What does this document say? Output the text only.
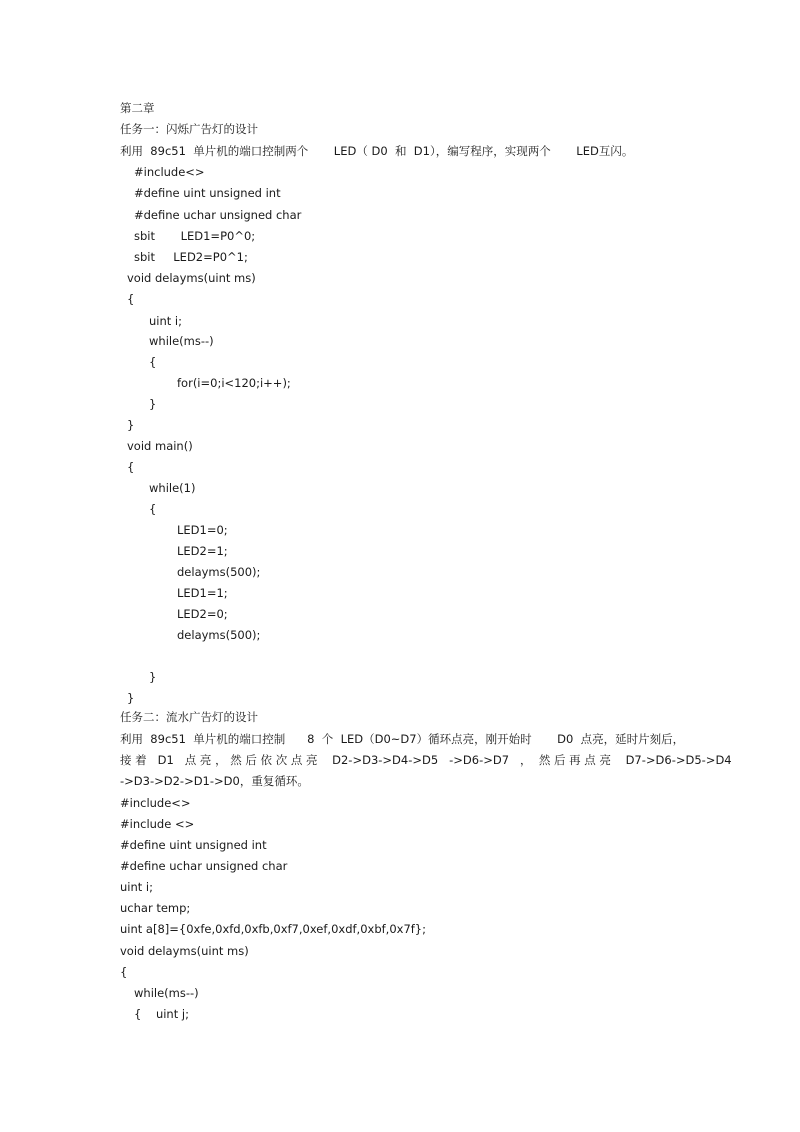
第二章
任务一：闪烁广告灯的设计
利用  89c51  单片机的端口控制两个       LED（ D0  和  D1），编写程序，实现两个       LED互闪。
#include<>
#define uint unsigned int
#define uchar unsigned char
sbit       LED1=P0^0;
sbit     LED2=P0^1;
void delayms(uint ms)
{
uint i;
while(ms--)
{
for(i=0;i<120;i++);
}
}
void main()
{
while(1)
{
LED1=0;
LED2=1;
delayms(500);
LED1=1;
LED2=0;
delayms(500);
}
}
任务二：流水广告灯的设计
利用  89c51  单片机的端口控制      8  个  LED（D0~D7）循环点亮，刚开始时       D0  点亮，延时片刻后，
接 着   D1   点 亮 ， 然 后 依 次 点 亮    D2->D3->D4->D5   ->D6->D7   ，  然 后 再 点 亮    D7->D6->D5->D4
->D3->D2->D1->D0，重复循环。
#include<>
#include <>
#define uint unsigned int
#define uchar unsigned char
uint i;
uchar temp;
uint a[8]={0xfe,0xfd,0xfb,0xf7,0xef,0xdf,0xbf,0x7f};
void delayms(uint ms)
{
while(ms--)
{    uint j;
